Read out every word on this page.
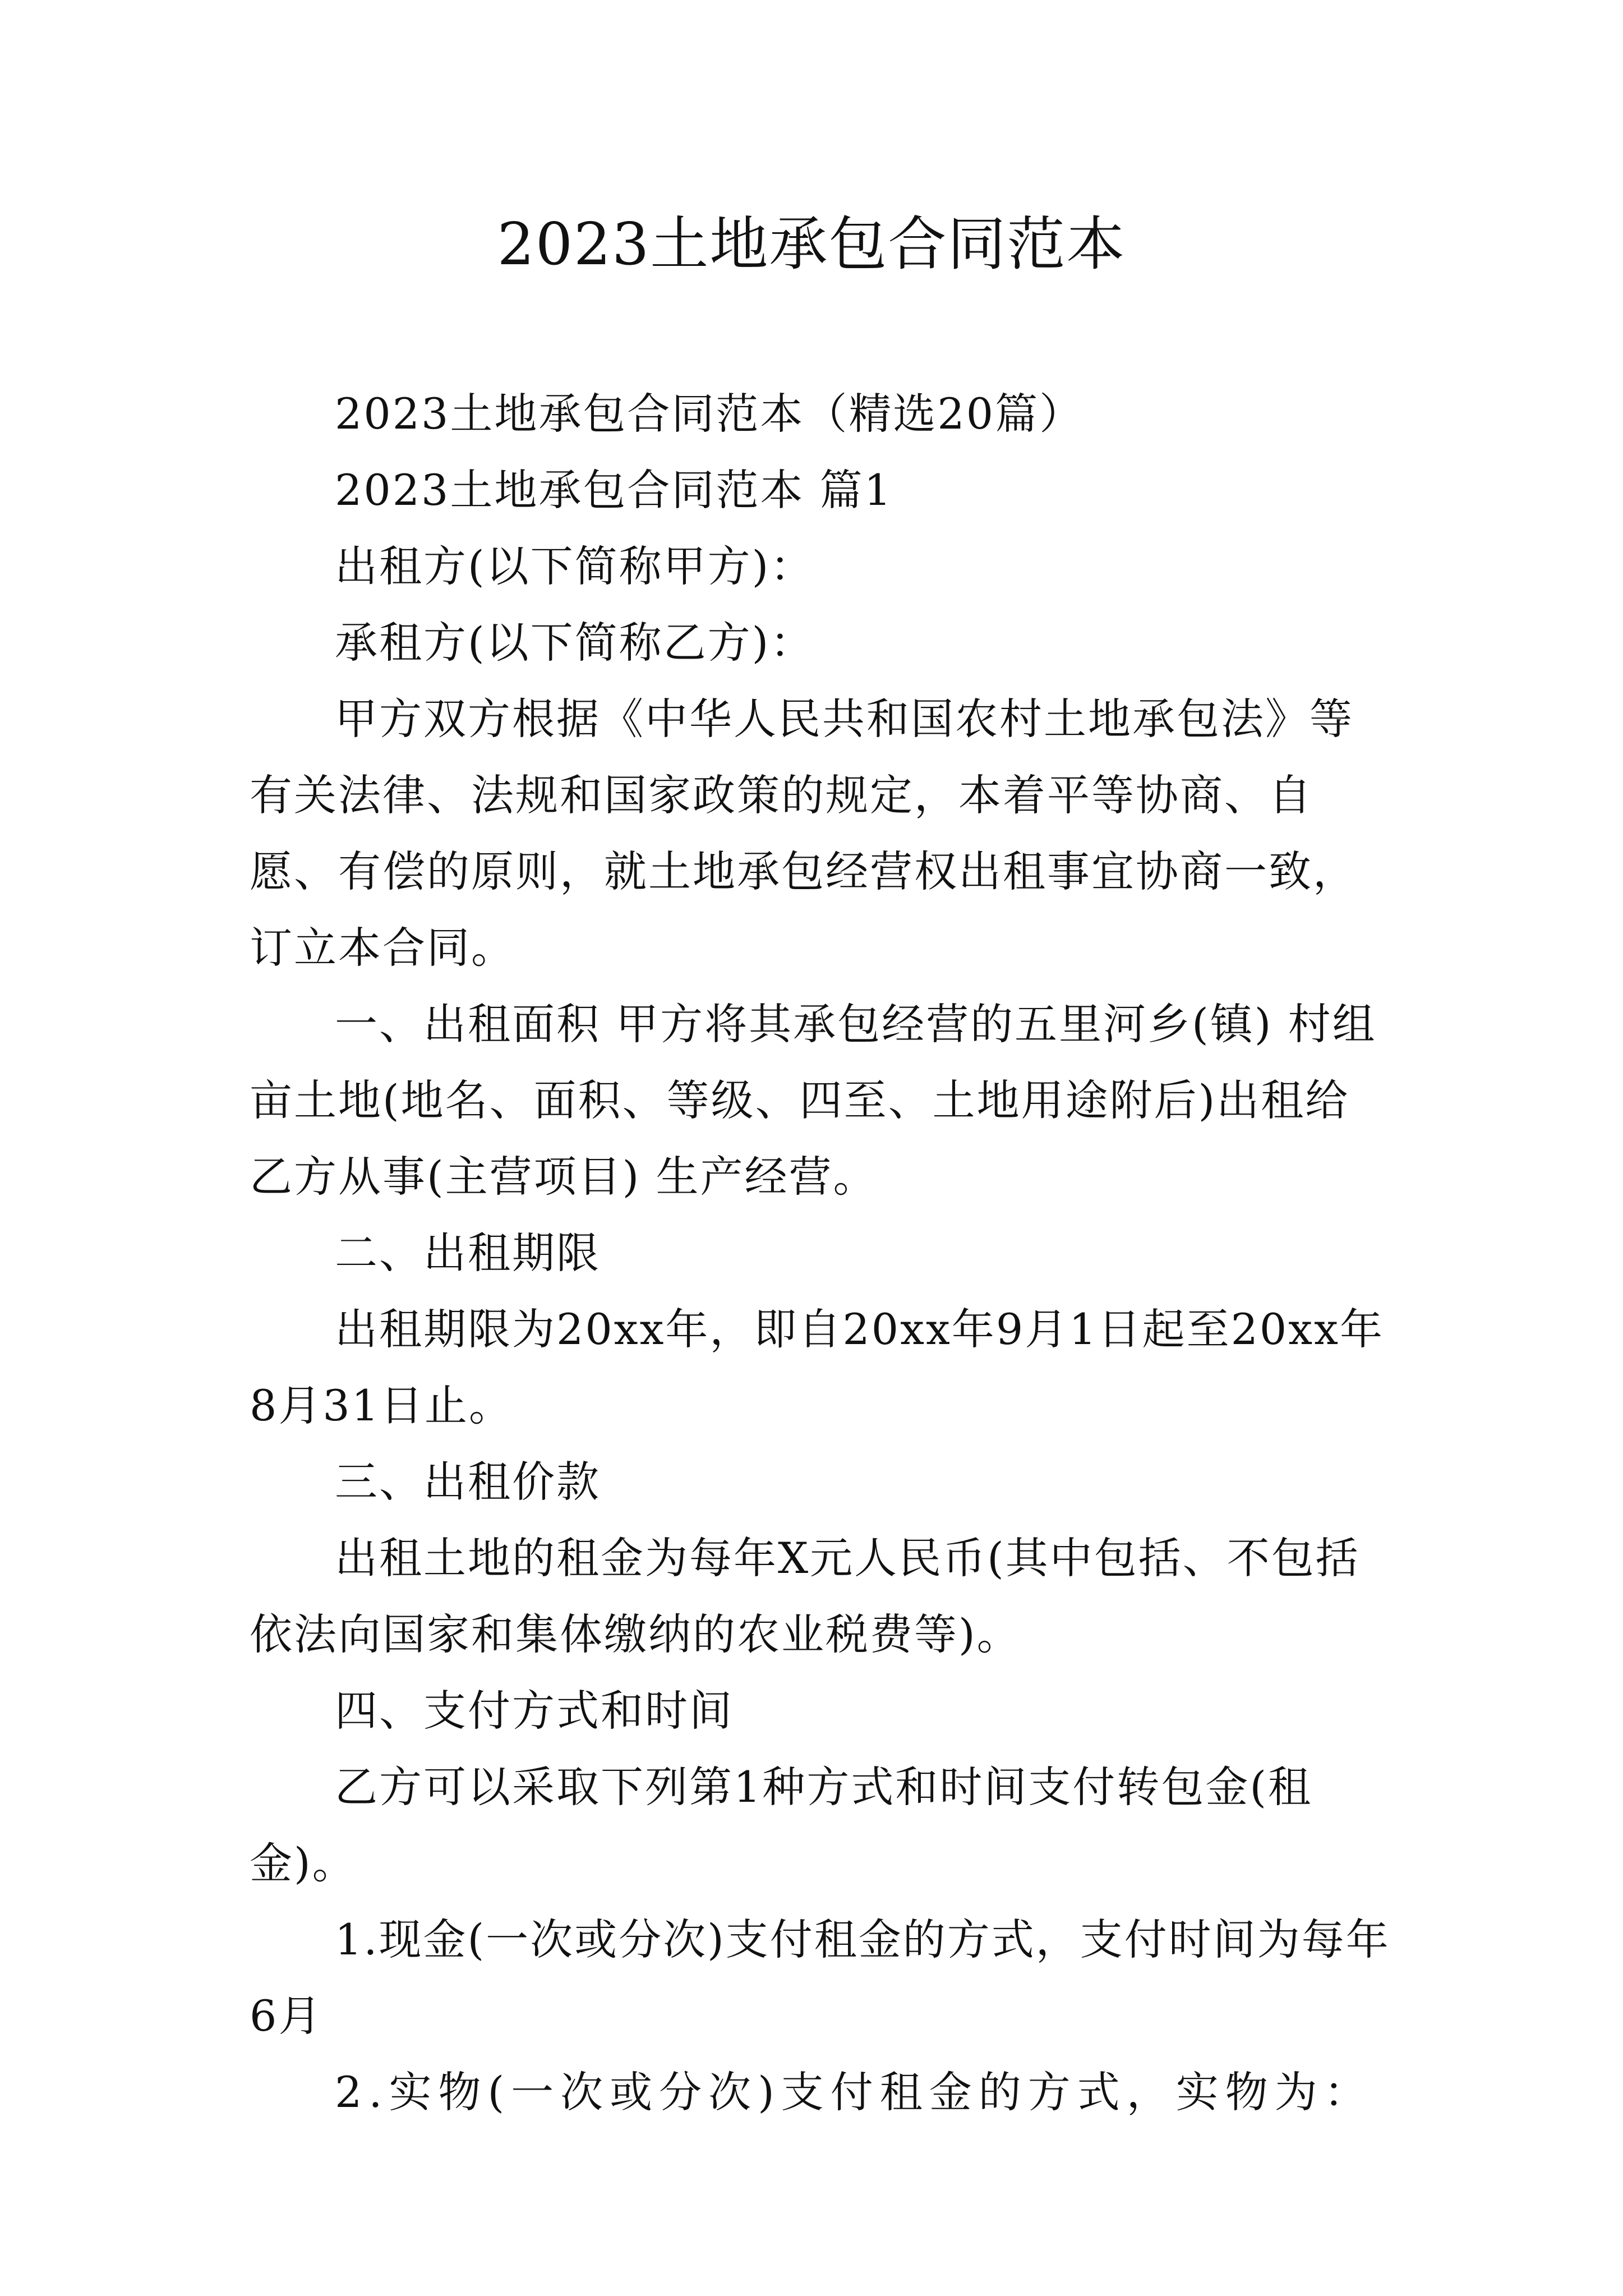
2023土地承包合同范本

2023土地承包合同范本（精选20篇）

2023土地承包合同范本 篇1

出租方(以下简称甲方)：

承租方(以下简称乙方)：

甲方双方根据《中华人民共和国农村土地承包法》等有关法律、法规和国家政策的规定，本着平等协商、自愿、有偿的原则，就土地承包经营权出租事宜协商一致，订立本合同。

一、出租面积 甲方将其承包经营的五里河乡(镇) 村组亩土地(地名、面积、等级、四至、土地用途附后)出租给乙方从事(主营项目) 生产经营。

二、出租期限

出租期限为20xx年，即自20xx年9月1日起至20xx年8月31日止。

三、出租价款

出租土地的租金为每年X元人民币(其中包括、不包括依法向国家和集体缴纳的农业税费等)。

四、支付方式和时间

乙方可以采取下列第1种方式和时间支付转包金(租金)。

1.现金(一次或分次)支付租金的方式，支付时间为每年6月

2.实物(一次或分次)支付租金的方式，实物为：
